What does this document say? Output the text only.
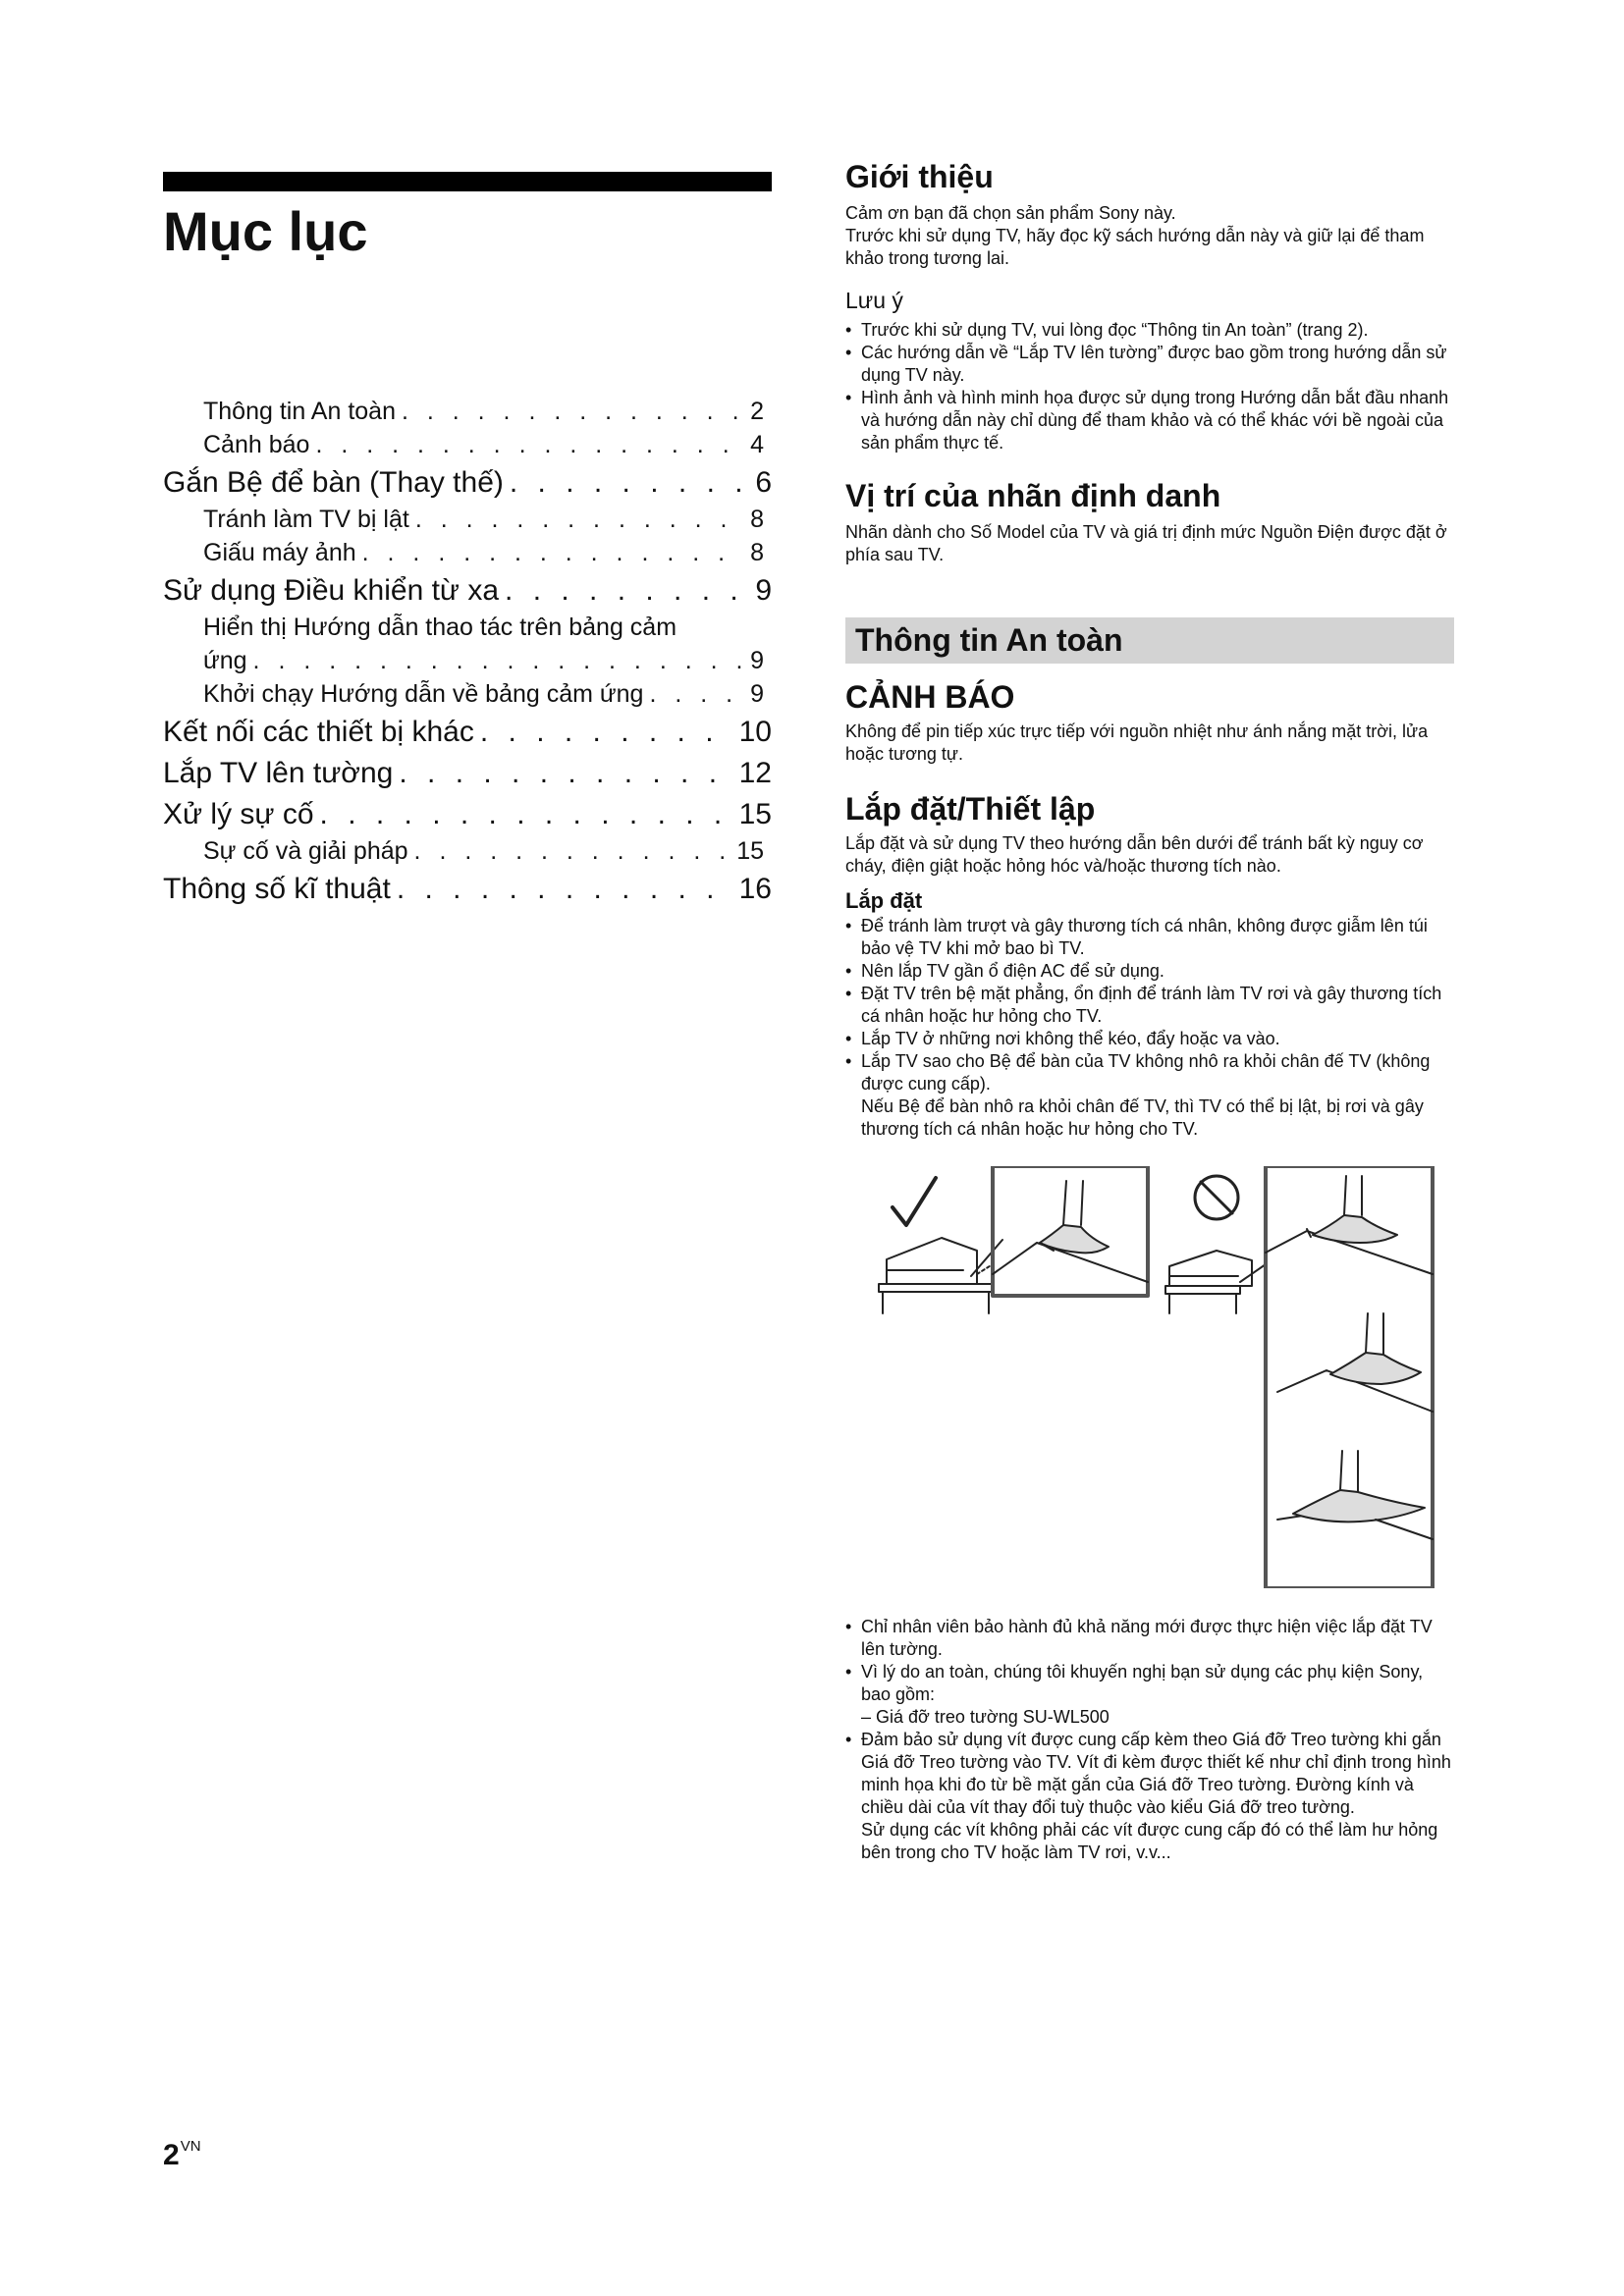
Mục lục
Thông tin An toàn . . .	2
Cảnh báo . . .	4
Gắn Bệ để bàn (Thay thế) . . .	6
Tránh làm TV bị lật . . .	8
Giấu máy ảnh . . .	8
Sử dụng Điều khiển từ xa . . .	9
Hiển thị Hướng dẫn thao tác trên bảng cảm
ứng . . .	9
Khởi chạy Hướng dẫn về bảng cảm ứng . . .	9
Kết nối các thiết bị khác . . .	10
Lắp TV lên tường . . .	12
Xử lý sự cố . . .	15
Sự cố và giải pháp . . .	15
Thông số kĩ thuật . . .	16
$2^{VN}$
Giới thiệu

Cảm ơn bạn đã chọn sản phẩm Sony này.

Trước khi sử dụng TV, hãy đọc kỹ sách hướng dẫn này và giữ lại để tham khảo trong tương lai.

Lưu ý
• Trước khi sử dụng TV, vui lòng đọc “Thông tin An toàn” (trang 2).
• Các hướng dẫn về “Lắp TV lên tường” được bao gồm trong hướng dẫn sử dụng TV này.
• Hình ảnh và hình minh họa được sử dụng trong Hướng dẫn bắt đầu nhanh và hướng dẫn này chỉ dùng để tham khảo và có thể khác với bề ngoài của sản phẩm thực tế.
Vị trí của nhãn định danh

Nhãn dành cho Số Model của TV và giá trị định mức Nguồn Điện được đặt ở phía sau TV.

Thông tin An toàn
CẢNH BÁO

Không để pin tiếp xúc trực tiếp với nguồn nhiệt như ánh nắng mặt trời, lửa hoặc tương tự.

Lắp đặt/Thiết lập

Lắp đặt và sử dụng TV theo hướng dẫn bên dưới để tránh bất kỳ nguy cơ cháy, điện giật hoặc hỏng hóc và/hoặc thương tích nào.

Lắp đặt
• Để tránh làm trượt và gây thương tích cá nhân, không được giẫm lên túi bảo vệ TV khi mở bao bì TV.
• Nên lắp TV gần ổ điện AC để sử dụng.
• Đặt TV trên bệ mặt phẳng, ổn định để tránh làm TV rơi và gây thương tích cá nhân hoặc hư hỏng cho TV.
• Lắp TV ở những nơi không thể kéo, đẩy hoặc va vào.
• Lắp TV sao cho Bệ để bàn của TV không nhô ra khỏi chân đế TV (không được cung cấp).
Nếu Bệ để bàn nhô ra khỏi chân đế TV, thì TV có thể bị lật, bị rơi và gây thương tích cá nhân hoặc hư hỏng cho TV.
• Chỉ nhân viên bảo hành đủ khả năng mới được thực hiện việc lắp đặt TV lên tường.
• Vì lý do an toàn, chúng tôi khuyến nghị bạn sử dụng các phụ kiện Sony, bao gồm:
– Giá đỡ treo tường SU-WL500
• Đảm bảo sử dụng vít được cung cấp kèm theo Giá đỡ Treo tường khi gắn Giá đỡ Treo tường vào TV. Vít đi kèm được thiết kế như chỉ định trong hình minh họa khi đo từ bề mặt gắn của Giá đỡ Treo tường. Đường kính và chiều dài của vít thay đổi tuỳ thuộc vào kiểu Giá đỡ treo tường.
Sử dụng các vít không phải các vít được cung cấp đó có thể làm hư hỏng bên trong cho TV hoặc làm TV rơi, v.v...
